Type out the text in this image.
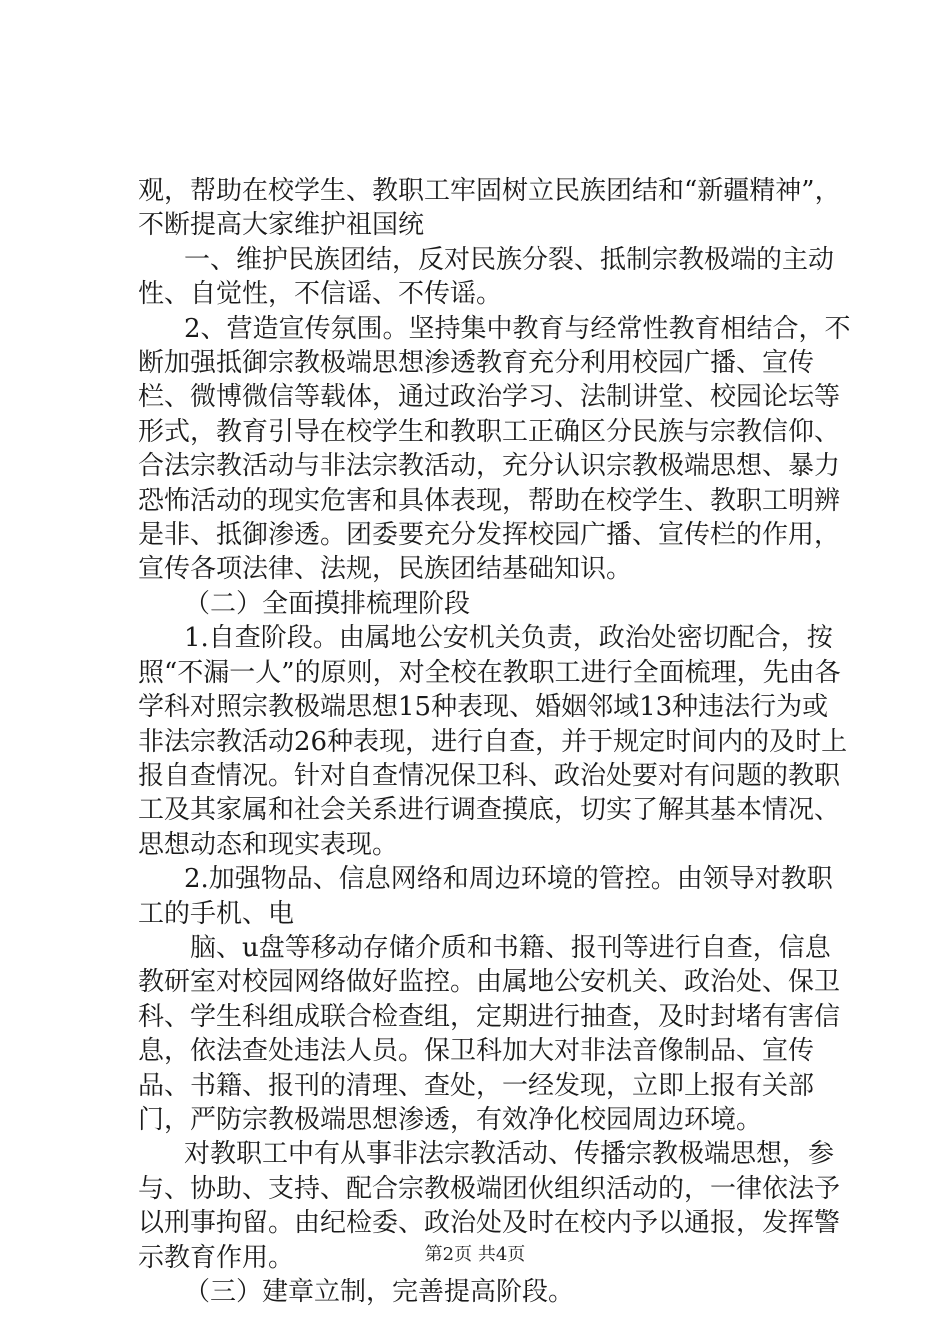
观，帮助在校学生、教职工牢固树立民族团结和“新疆精神”，不断提高大家维护祖国统

一、维护民族团结，反对民族分裂、抵制宗教极端的主动性、自觉性，不信谣、不传谣。

2、营造宣传氛围。坚持集中教育与经常性教育相结合，不断加强抵御宗教极端思想渗透教育充分利用校园广播、宣传栏、微博微信等载体，通过政治学习、法制讲堂、校园论坛等形式，教育引导在校学生和教职工正确区分民族与宗教信仰、合法宗教活动与非法宗教活动，充分认识宗教极端思想、暴力恐怖活动的现实危害和具体表现，帮助在校学生、教职工明辨是非、抵御渗透。团委要充分发挥校园广播、宣传栏的作用，宣传各项法律、法规，民族团结基础知识。

（二）全面摸排梳理阶段

1.自查阶段。由属地公安机关负责，政治处密切配合，按照“不漏一人”的原则，对全校在教职工进行全面梳理，先由各学科对照宗教极端思想15种表现、婚姻邻域13种违法行为或非法宗教活动26种表现，进行自查，并于规定时间内的及时上报自查情况。针对自查情况保卫科、政治处要对有问题的教职工及其家属和社会关系进行调查摸底，切实了解其基本情况、思想动态和现实表现。

2.加强物品、信息网络和周边环境的管控。由领导对教职工的手机、电

脑、u盘等移动存储介质和书籍、报刊等进行自查，信息教研室对校园网络做好监控。由属地公安机关、政治处、保卫科、学生科组成联合检查组，定期进行抽查，及时封堵有害信息，依法查处违法人员。保卫科加大对非法音像制品、宣传品、书籍、报刊的清理、查处，一经发现，立即上报有关部门，严防宗教极端思想渗透，有效净化校园周边环境。

对教职工中有从事非法宗教活动、传播宗教极端思想，参与、协助、支持、配合宗教极端团伙组织活动的，一律依法予以刑事拘留。由纪检委、政治处及时在校内予以通报，发挥警示教育作用。

（三）建章立制，完善提高阶段。

第2页 共4页
